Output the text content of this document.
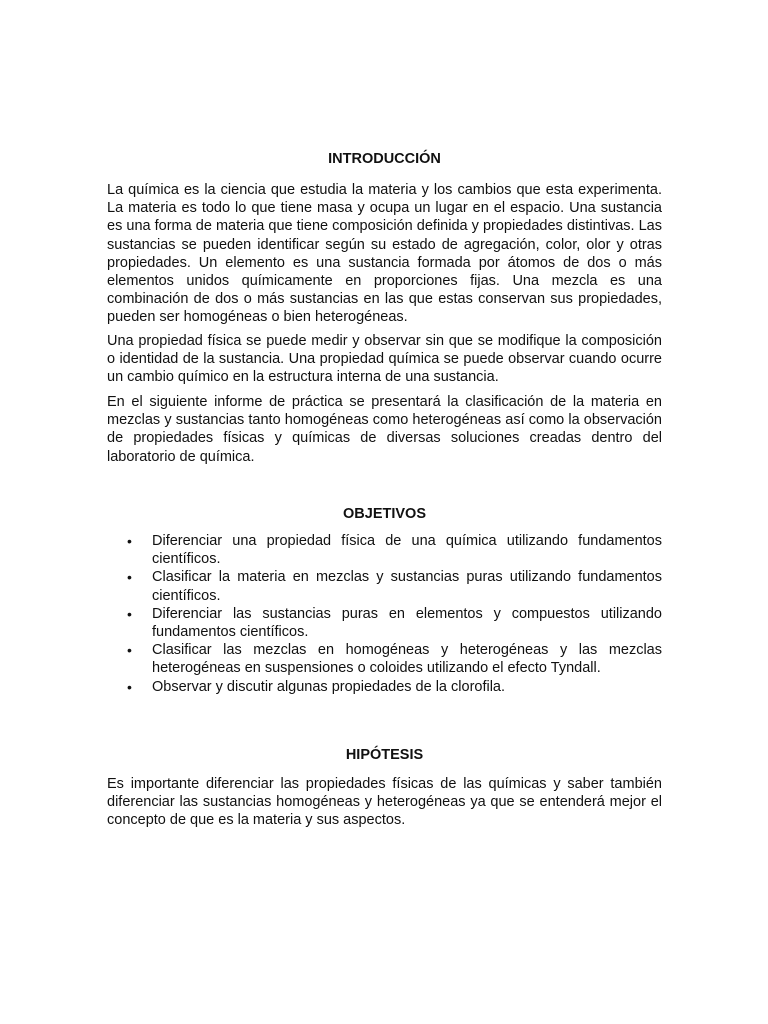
INTRODUCCIÓN

La química es la ciencia que estudia la materia y los cambios que esta experimenta. La materia es todo lo que tiene masa y ocupa un lugar en el espacio. Una sustancia es una forma de materia que tiene composición definida y propiedades distintivas. Las sustancias se pueden identificar según su estado de agregación, color, olor y otras propiedades. Un elemento es una sustancia formada por átomos de dos o más elementos unidos químicamente en proporciones fijas. Una mezcla es una combinación de dos o más sustancias en las que estas conservan sus propiedades, pueden ser homogéneas o bien heterogéneas.

Una propiedad física se puede medir y observar sin que se modifique la composición o identidad de la sustancia. Una propiedad química se puede observar cuando ocurre un cambio químico en la estructura interna de una sustancia.

En el siguiente informe de práctica se presentará la clasificación de la materia en mezclas y sustancias tanto homogéneas como heterogéneas así como la observación de propiedades físicas y químicas de diversas soluciones creadas dentro del laboratorio de química.

OBJETIVOS
• Diferenciar una propiedad física de una química utilizando fundamentos científicos.
• Clasificar la materia en mezclas y sustancias puras utilizando fundamentos científicos.
• Diferenciar las sustancias puras en elementos y compuestos utilizando fundamentos científicos.
• Clasificar las mezclas en homogéneas y heterogéneas y las mezclas heterogéneas en suspensiones o coloides utilizando el efecto Tyndall.
• Observar y discutir algunas propiedades de la clorofila.
HIPÓTESIS

Es importante diferenciar las propiedades físicas de las químicas y saber también diferenciar las sustancias homogéneas y heterogéneas ya que se entenderá mejor el concepto de que es la materia y sus aspectos.
